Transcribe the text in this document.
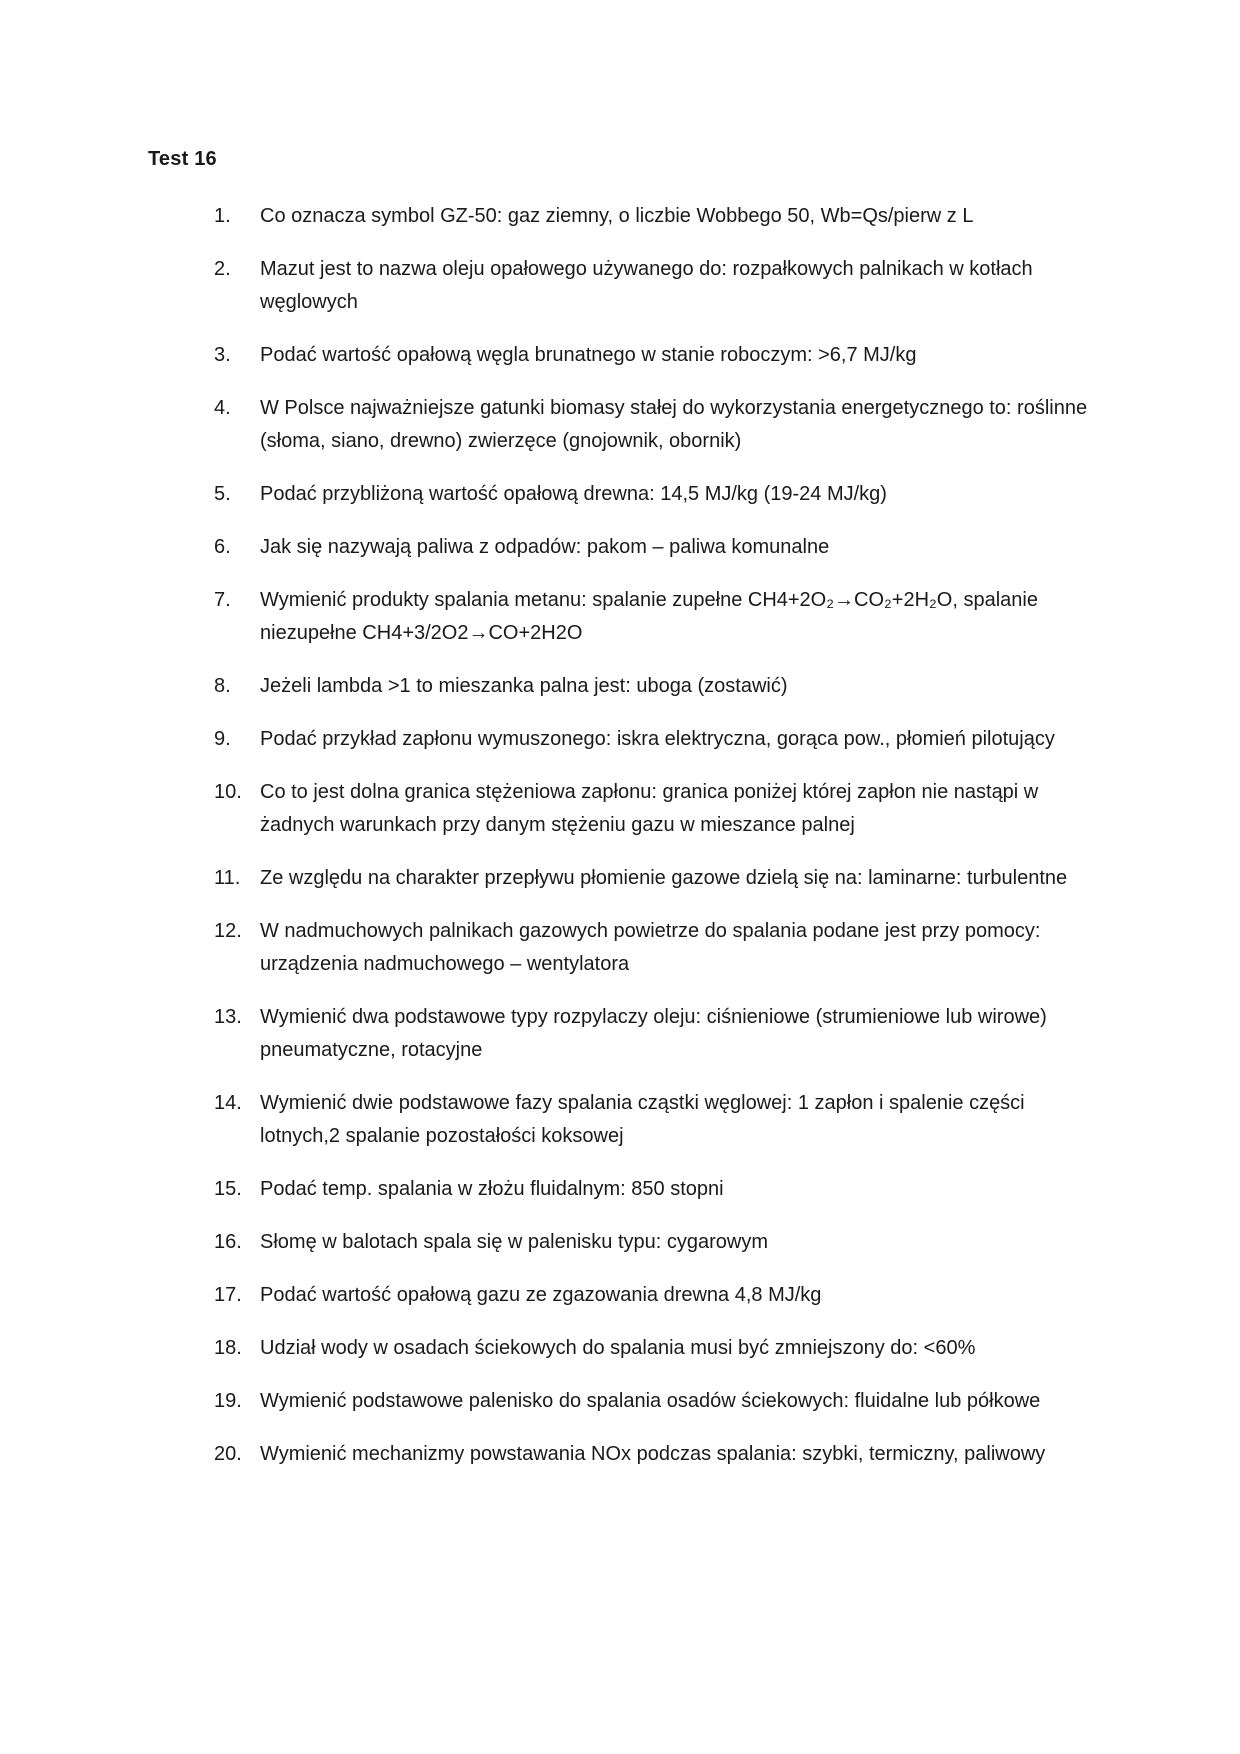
Test 16
1.	Co oznacza symbol GZ-50: gaz ziemny, o liczbie Wobbego 50, Wb=Qs/pierw z L
2.	Mazut jest to nazwa oleju opałowego używanego do: rozpałkowych palnikach w kotłach węglowych
3.	Podać wartość opałową węgla brunatnego w stanie roboczym: >6,7 MJ/kg
4.	W Polsce najważniejsze gatunki biomasy stałej do wykorzystania energetycznego to: roślinne (słoma, siano, drewno) zwierzęce (gnojownik, obornik)
5.	Podać przybliżoną wartość opałową drewna: 14,5 MJ/kg (19-24 MJ/kg)
6.	Jak się nazywają paliwa z odpadów: pakom – paliwa komunalne
7.	Wymienić produkty spalania metanu: spalanie zupełne CH4+2O₂→CO₂+2H₂O, spalanie niezupełne CH4+3/2O2→CO+2H2O
8.	Jeżeli lambda >1 to mieszanka palna jest: uboga (zostawić)
9.	Podać przykład zapłonu wymuszonego: iskra elektryczna, gorąca pow., płomień pilotujący
10. Co to jest dolna granica stężeniowa zapłonu: granica poniżej której zapłon nie nastąpi w żadnych warunkach przy danym stężeniu gazu w mieszance palnej
11. Ze względu na charakter przepływu płomienie gazowe dzielą się na: laminarne: turbulentne
12. W nadmuchowych palnikach gazowych powietrze do spalania podane jest przy pomocy: urządzenia nadmuchowego – wentylatora
13. Wymienić dwa podstawowe typy rozpylaczy oleju: ciśnieniowe (strumieniowe lub wirowe) pneumatyczne, rotacyjne
14. Wymienić dwie podstawowe fazy spalania cząstki węglowej: 1 zapłon i spalenie części lotnych,2 spalanie pozostałości koksowej
15. Podać temp. spalania w złożu fluidalnym: 850 stopni
16. Słomę w balotach spala się w palenisku typu: cygarowym
17. Podać wartość opałową gazu ze zgazowania drewna 4,8 MJ/kg
18. Udział wody w osadach ściekowych do spalania musi być zmniejszony do: <60%
19. Wymienić podstawowe palenisko do spalania osadów ściekowych: fluidalne lub półkowe
20. Wymienić mechanizmy powstawania NOx podczas spalania: szybki, termiczny, paliwowy
